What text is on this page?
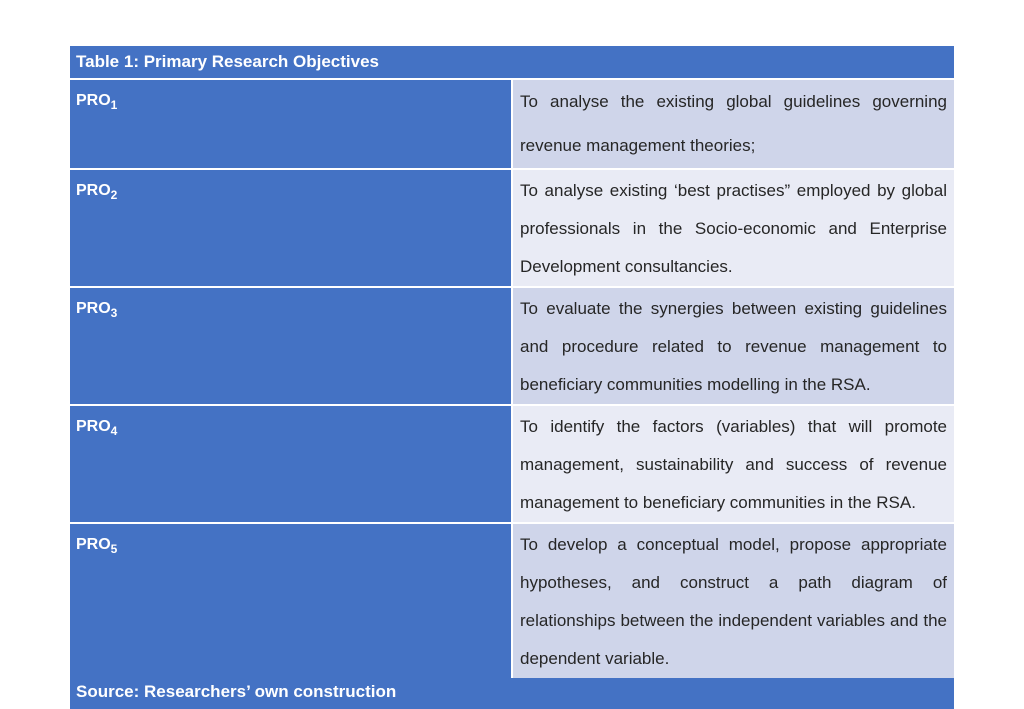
Table 1: Primary Research Objectives	
$PRO_1$	To analyse the existing global guidelines governing revenue management theories;
$PRO_2$	To analyse existing ‘best practises” employed by global professionals in the Socio-economic and Enterprise Development consultancies.
$PRO_3$	To evaluate the synergies between existing guidelines and procedure related to revenue management to beneficiary communities modelling in the RSA.
$PRO_4$	To identify the factors (variables) that will promote management, sustainability and success of revenue management to beneficiary communities in the RSA.
$PRO_5$	To develop a conceptual model, propose appropriate hypotheses, and construct a path diagram of relationships between the independent variables and the dependent variable.
Source: Researchers’ own construction	
